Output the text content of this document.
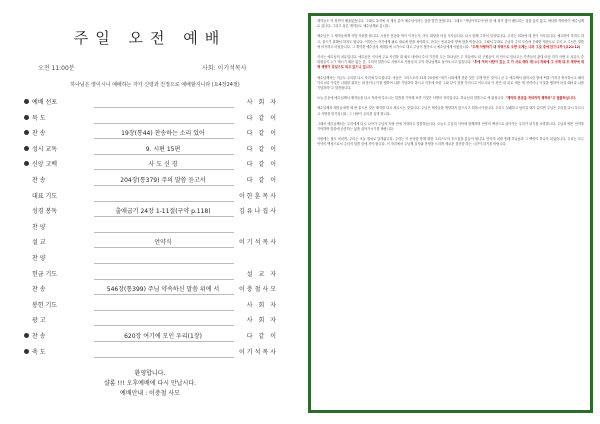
주일 오전 예배
오전 11:00분	사회: 이기석목사
하나님은 영이시니 예배하는 자가 신령과 진정으로 예배할지니라 (요4장24절)
예배 선포	사 회 자
묵 도	다 같 이
찬 송	19장(통44) 찬송하는 소리 있어	다 같 이
성시 교독	9. 시편 15편	다 같 이
신앙 고백	사 도 신 경	다 같 이
찬 송	204장(통379) 주의 말씀 듣고서	다 같 이
대표 기도	이한훈목사
성경 봉독	출애굽기 24장 1-11절(구약 p.118)	김유나집사
찬 양
설 교	언약식	이기석목사
찬 양
헌금 기도	설 교 자
찬 송	546장(통399) 주님 약속하신 말씀 위에 서	이충철사모
봉헌 기도	사 회 자
광 고	사 회 자
찬 송	620장 여기에 모인 우리(1장)	다 같 이
축 도	이기석목사
환영합니다.
샬롬 !!! 오후예배에 다시 만납시다.
예배안내 : 이충철 사모
계약들도 이 장면이 배움없습니다. 그래도 옥자에 서 계신 분이 예수님이라는 것을 발견 못합니다. 그래도 "자남아자두아"란 한 예 외가 많이 배트되는 것을 끊지 않고, 바다를 작바탕이 예수님께로 갑니다. 그리고 다른 계약들도 예수님께로 갑니다.
예수님은 그 제자들에게 식망 사쉬를 합니다. 시장은 찬송을 먹이 이자는가, 아무 희망을 어실 식사입니다. 다시 함께 주하의 일상입니다. 주리는 회복에 대 전이 식사입니다. 예고하여 각지도 하고, 울으기 위해서 하지도 합니다. 이하는는 자기에게 필요 대로에 받을 처야하고, 찬주는 빈치유에 영예 함을 먹습니다. 그래서 투대로 주님의 주의 모습에 은혜한 영준도로 주의 오 주님은 말씀에 의식하고 마셨습니다. 그 계약을 예수님의 세대들에 시각으로 대고 주님이 찾아오시 예수님에게 아왔습니다. "두제 사랑하기 내 식탁으로 오면 오게는 나의 그릇 중에 앉으니까"(요21:12)
식사는 예수님의 치유입니다. 예수님은 식사에 주요 사건을 위 좌도 내에서 수사 기간을 두는 하나님은 주 모습에도 되 구원들이 의 안으로 만나고는 가족들의 관대 마음 각각 사람 도 치유도 중 회원들이 누구 계시기 때문 없는 중, 주의의 말씀으로 사랑으로 사람들의 주의 하나님께로 돌아오시고 있습니다. "후에 여러 사람이 있는 그 가 서로 때어 계시니 저희에 그 크게 내 모 계약에 세계 생명이 중심으로 되고 있으니 입니다.
예수님께서는 지금도 우리를 다시 자리에 부르십니다. 마음은 그리스도의 12장 25절에 "내가 너희에게 전한 것은 주께 받은 것이니 곧 주 예수께서 잡히시던 밤에 떡을 가지사 축사하시고 떼어 이르시되 이것은 너희를 위하는 내 몸이니 이를 행하여 나를 기념하라 하시고 식후에 또한 그와 같이 잔을 가지시고 이르시되 이 잔은 내 피로 세운 새 언약이니 이것을 행하여 마실 때마다 나를 기념하라"고 말씀합니다.
오늘 본문에 예수님께서 제자들을 다시 자리에 부르시는 말씀을 기억해 보면 이것은 사명의 자리입니다. 하나님의 말씀으로 세 워집니다. "계약의 본문을 저녁까지 행하라"고 말씀하십니다.
예수님께서 제자들에게 세 번 물으신 것은 제자를 다시 세우시는 것입니다. 주님은 제자들을 책망하지 않으시고 회복시키십니다. 우리도 실패하고 넘어질 때가 있지만 주님은 우리를 다시 부르시고 사명을 맡기십니다. 그 사랑이 우리를 살게 합니다.
그래서 예수님께서는 우리에게 다시 나아가 주님의 사랑 안에 거하라고 말씀하십니다. 오늘도 주님의 식탁에 함께하며 언약의 백성으로 살아가는 우리가 되기를 소망합니다. 주님과 맺은 언약을 기억하며 말씀에 순종하는 삶을 살아가시기를 바랍니다.
사람에는 참도 마리면, 주리는 오늘 정씨로 알게됩니다. 주리는 이 선상을 통해 화한 그리스도의 후으심을 분들이 합니다. 언약의 피를 통해 하나님과 그 백성이 하나가 되었습니다. 우리는 모두 언약의 백성으로서 주님의 말씀 앞에 서야 합니다. 이 자리에서 주님께 감사와 찬양을 드리며 새로운 결단을 하는 시간이 되기를 바랍니다.
